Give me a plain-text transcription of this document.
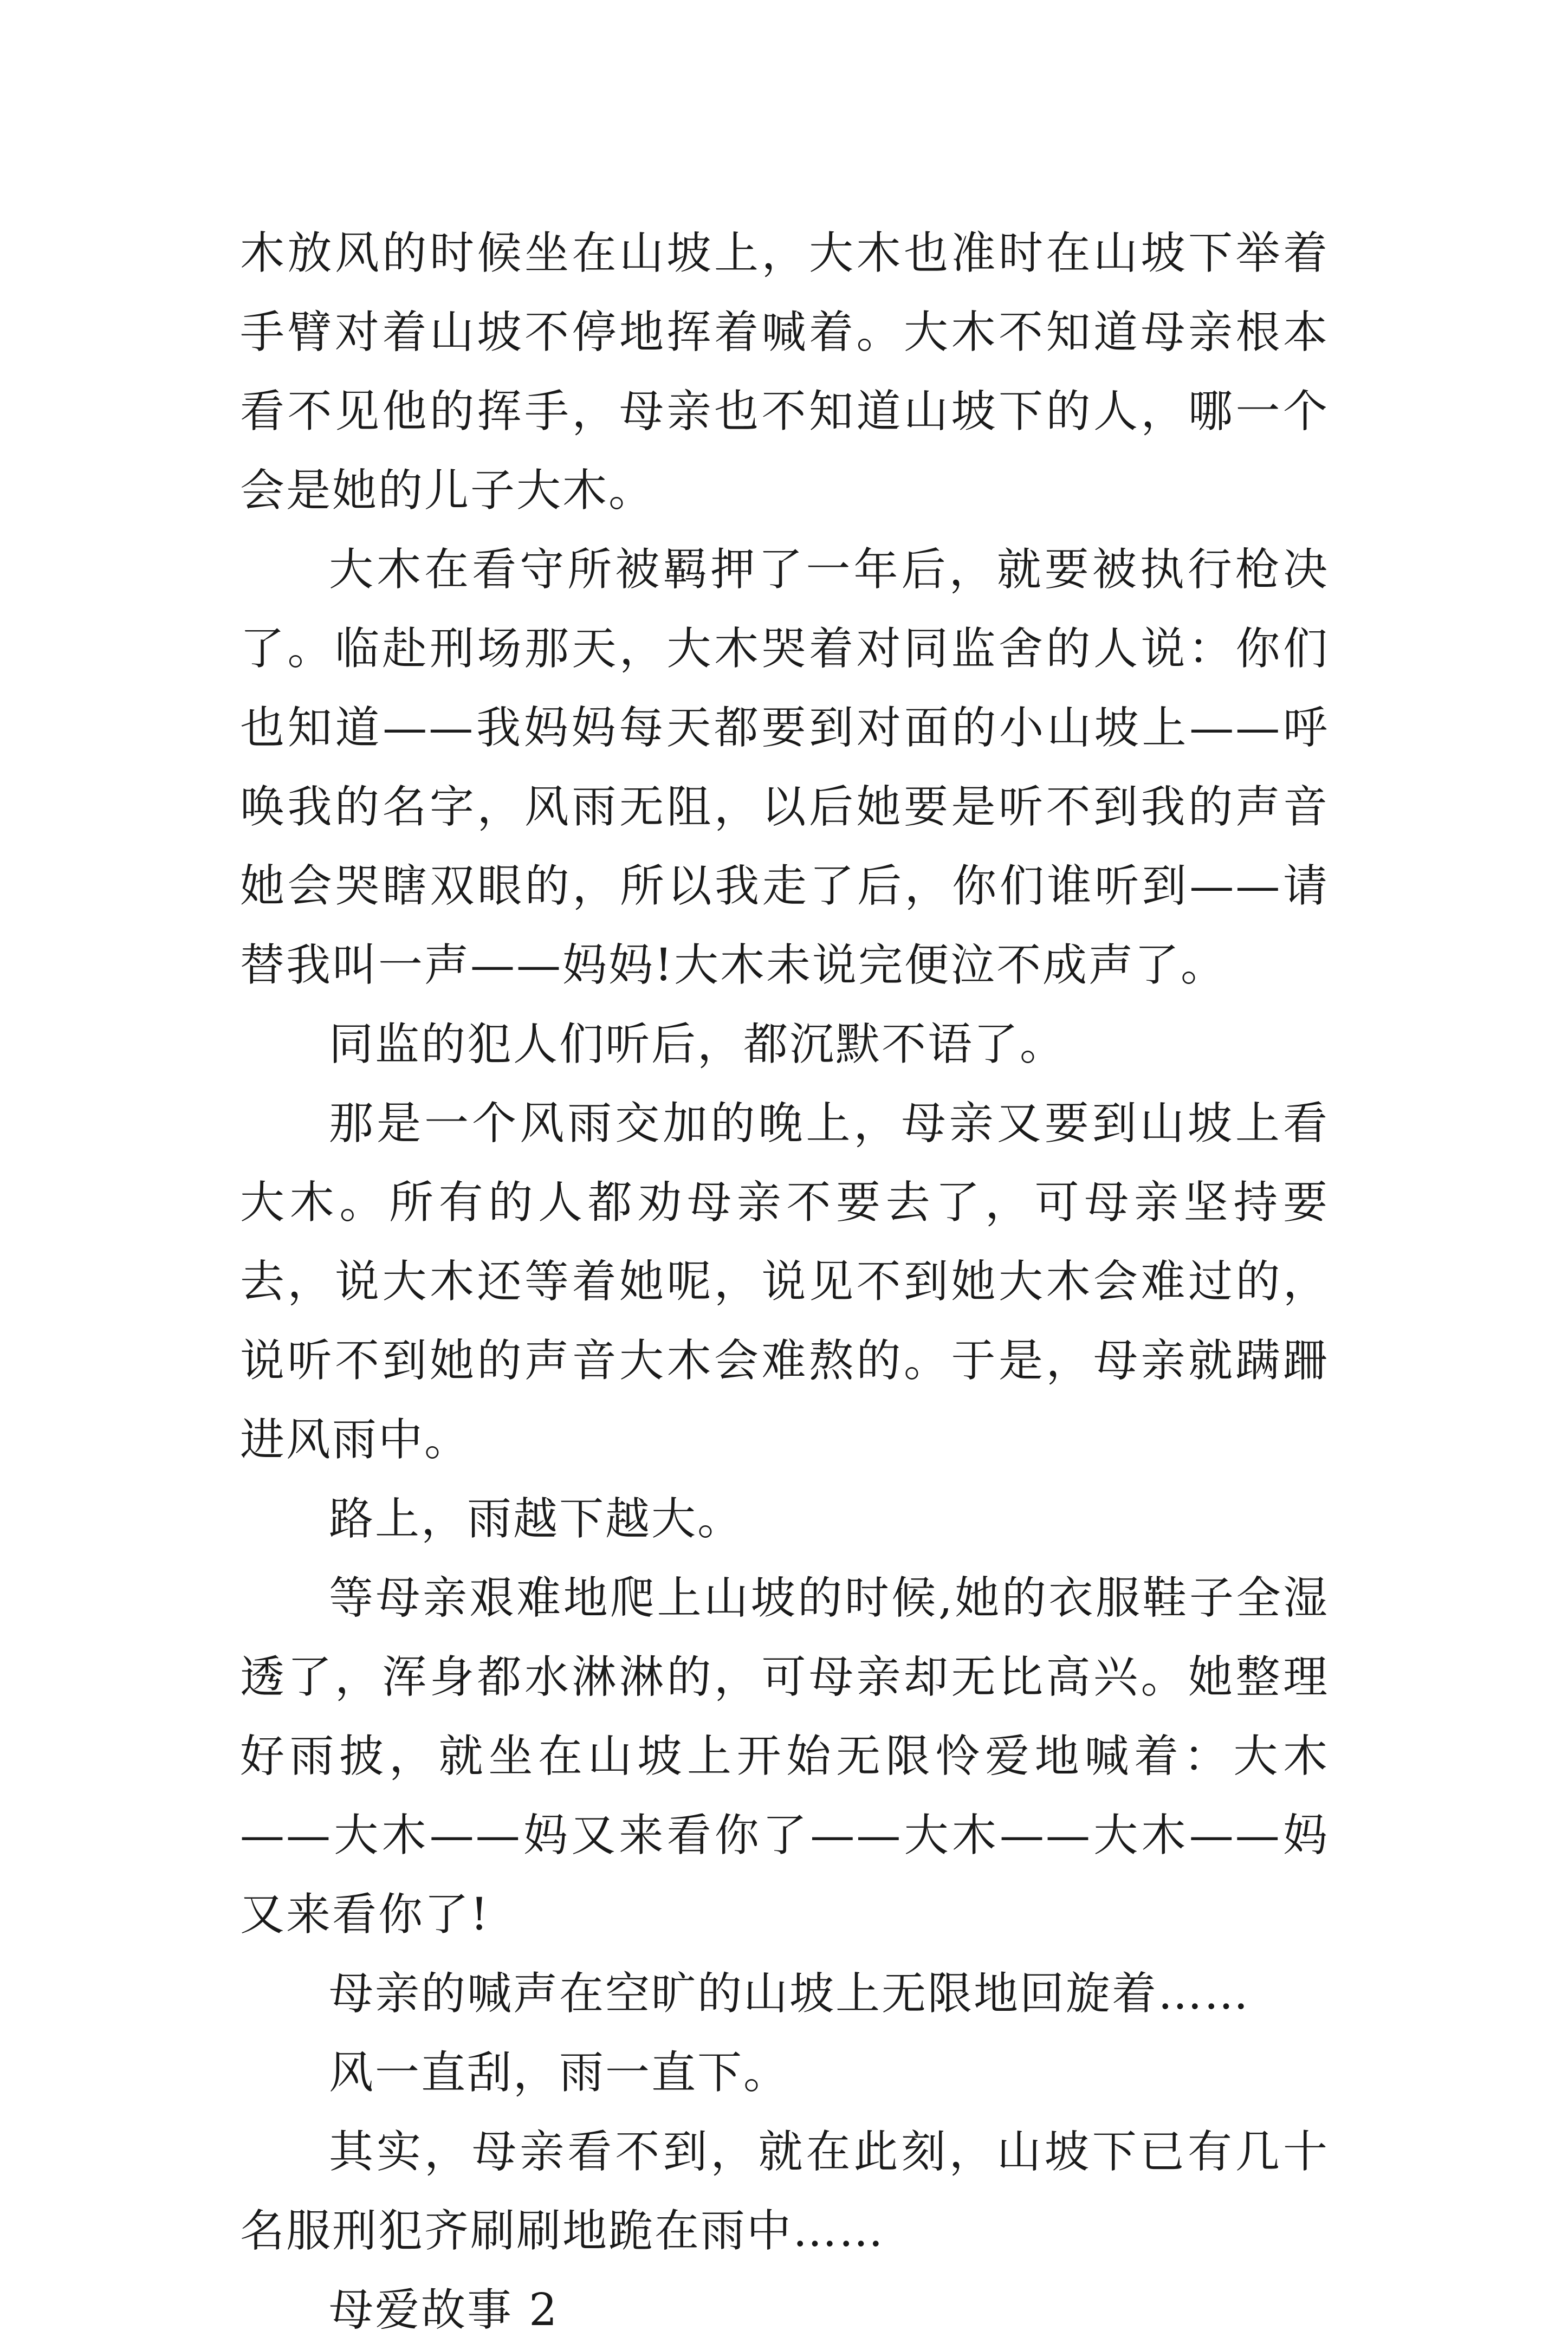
木放风的时候坐在山坡上，大木也准时在山坡下举着手臂对着山坡不停地挥着喊着。大木不知道母亲根本看不见他的挥手，母亲也不知道山坡下的人，哪一个会是她的儿子大木。

大木在看守所被羁押了一年后，就要被执行枪决了。临赴刑场那天，大木哭着对同监舍的人说：你们也知道——我妈妈每天都要到对面的小山坡上——呼唤我的名字，风雨无阻，以后她要是听不到我的声音她会哭瞎双眼的，所以我走了后，你们谁听到——请替我叫一声——妈妈!大木未说完便泣不成声了。

同监的犯人们听后，都沉默不语了。

那是一个风雨交加的晚上，母亲又要到山坡上看大木。所有的人都劝母亲不要去了，可母亲坚持要去，说大木还等着她呢，说见不到她大木会难过的，说听不到她的声音大木会难熬的。于是，母亲就蹒跚进风雨中。

路上，雨越下越大。

等母亲艰难地爬上山坡的时候,她的衣服鞋子全湿透了，浑身都水淋淋的，可母亲却无比高兴。她整理好雨披，就坐在山坡上开始无限怜爱地喊着：大木——大木——妈又来看你了——大木——大木——妈又来看你了!

母亲的喊声在空旷的山坡上无限地回旋着……

风一直刮，雨一直下。

其实，母亲看不到，就在此刻，山坡下已有几十名服刑犯齐刷刷地跪在雨中……

母爱故事 2
